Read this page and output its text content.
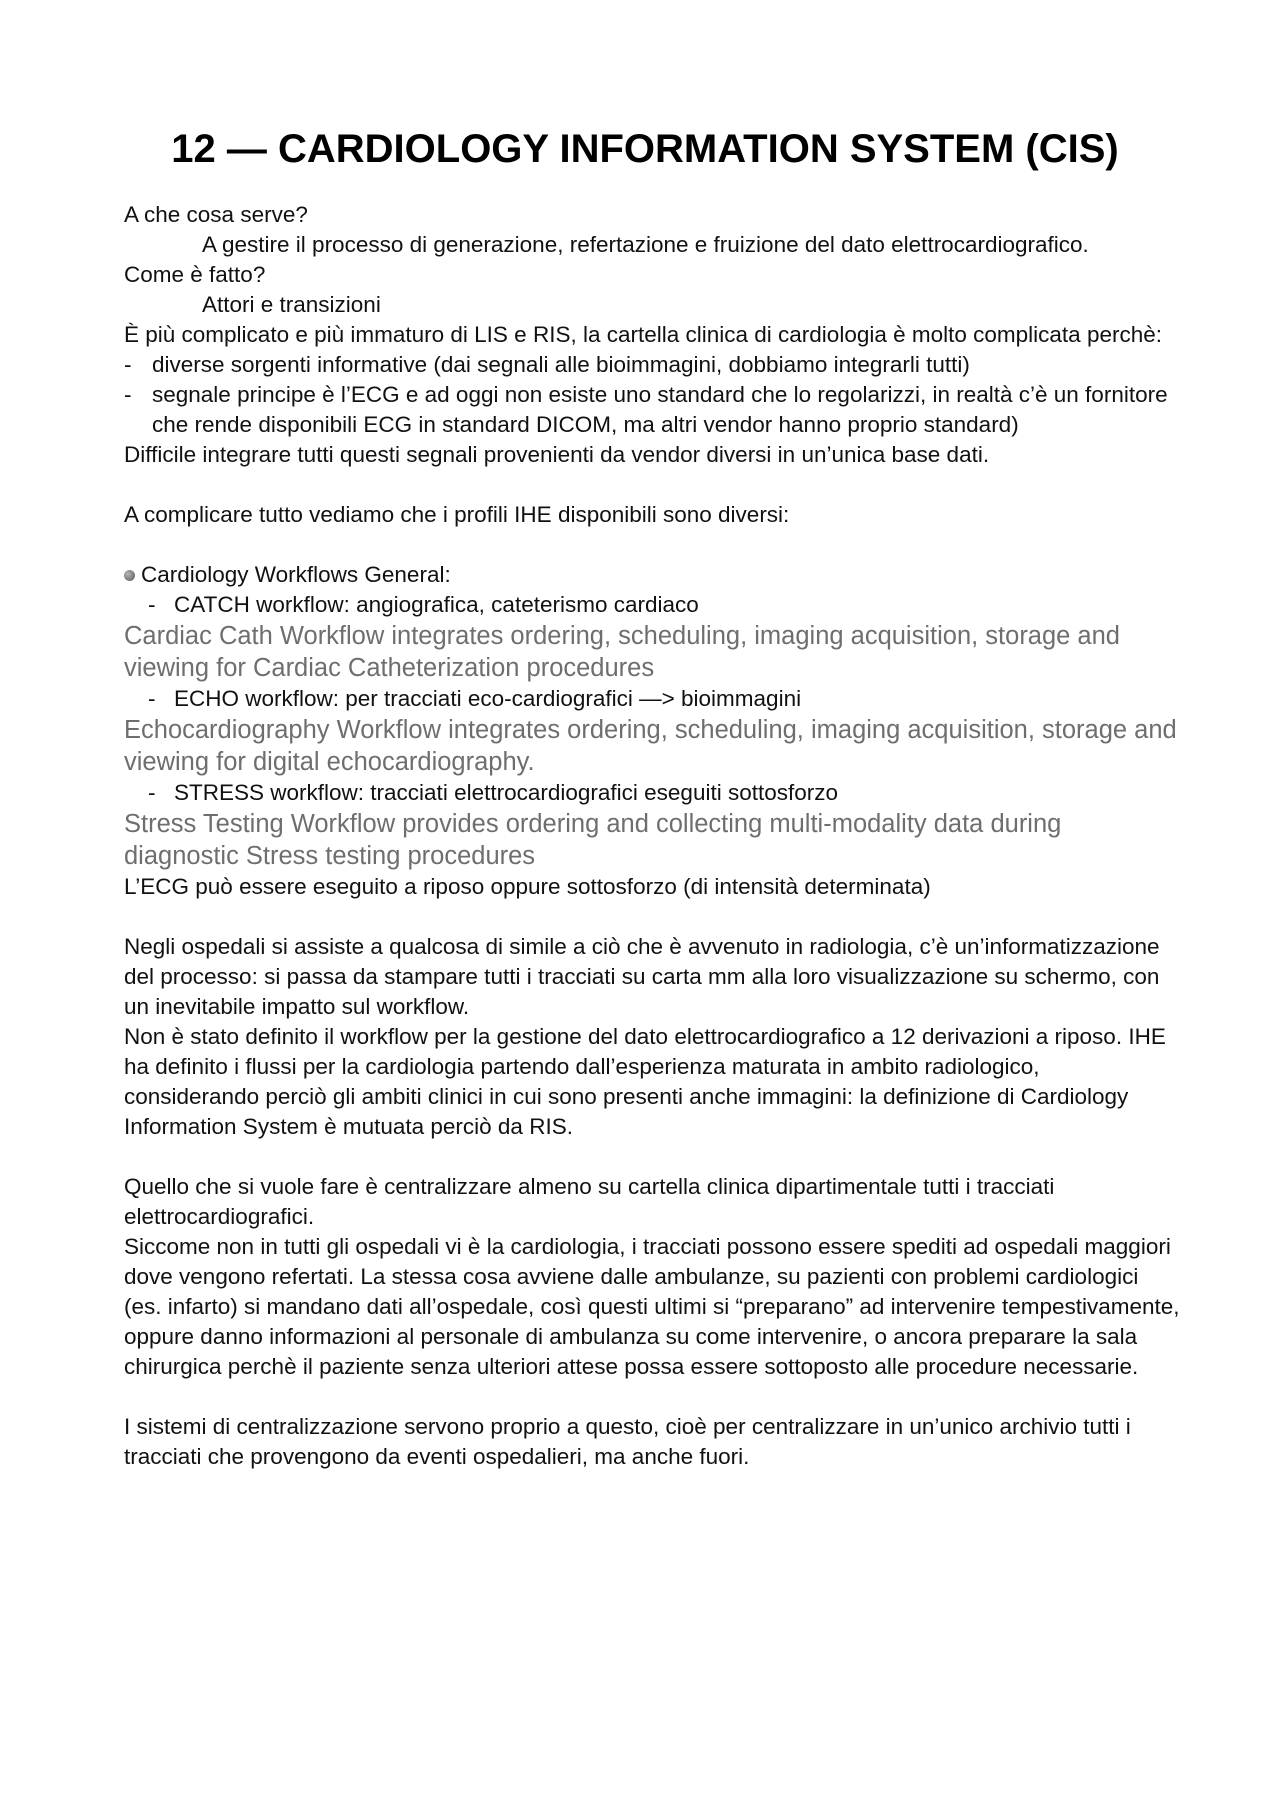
12 — CARDIOLOGY INFORMATION SYSTEM (CIS)

A che cosa serve?

A gestire il processo di generazione, refertazione e fruizione del dato elettrocardiografico.

Come è fatto?

Attori e transizioni

È più complicato e più immaturo di LIS e RIS, la cartella clinica di cardiologia è molto complicata perchè:

- diverse sorgenti informative (dai segnali alle bioimmagini, dobbiamo integrarli tutti)
- segnale principe è l’ECG e ad oggi non esiste uno standard che lo regolarizzi, in realtà c’è un fornitore che rende disponibili ECG in standard DICOM, ma altri vendor hanno proprio standard)

Difficile integrare tutti questi segnali provenienti da vendor diversi in un’unica base dati.

A complicare tutto vediamo che i profili IHE disponibili sono diversi:

Cardiology Workflows General:
- CATCH workflow: angiografica, cateterismo cardiaco

Cardiac Cath Workflow integrates ordering, scheduling, imaging acquisition, storage and viewing for Cardiac Catheterization procedures

- ECHO workflow: per tracciati eco-cardiografici —> bioimmagini

Echocardiography Workflow integrates ordering, scheduling, imaging acquisition, storage and viewing for digital echocardiography.

- STRESS workflow: tracciati elettrocardiografici eseguiti sottosforzo

Stress Testing Workflow provides ordering and collecting multi-modality data during diagnostic Stress testing procedures

L’ECG può essere eseguito a riposo oppure sottosforzo (di intensità determinata)

Negli ospedali si assiste a qualcosa di simile a ciò che è avvenuto in radiologia, c’è un’informatizzazione del processo: si passa da stampare tutti i tracciati su carta mm alla loro visualizzazione su schermo, con un inevitabile impatto sul workflow.

Non è stato definito il workflow per la gestione del dato elettrocardiografico a 12 derivazioni a riposo. IHE ha definito i flussi per la cardiologia partendo dall’esperienza maturata in ambito radiologico, considerando perciò gli ambiti clinici in cui sono presenti anche immagini: la definizione di Cardiology Information System è mutuata perciò da RIS.

Quello che si vuole fare è centralizzare almeno su cartella clinica dipartimentale tutti i tracciati elettrocardiografici.

Siccome non in tutti gli ospedali vi è la cardiologia, i tracciati possono essere spediti ad ospedali maggiori dove vengono refertati. La stessa cosa avviene dalle ambulanze, su pazienti con problemi cardiologici (es. infarto) si mandano dati all’ospedale, così questi ultimi si “preparano” ad intervenire tempestivamente, oppure danno informazioni al personale di ambulanza su come intervenire, o ancora preparare la sala chirurgica perchè il paziente senza ulteriori attese possa essere sottoposto alle procedure necessarie.

I sistemi di centralizzazione servono proprio a questo, cioè per centralizzare in un’unico archivio tutti i tracciati che provengono da eventi ospedalieri, ma anche fuori.
